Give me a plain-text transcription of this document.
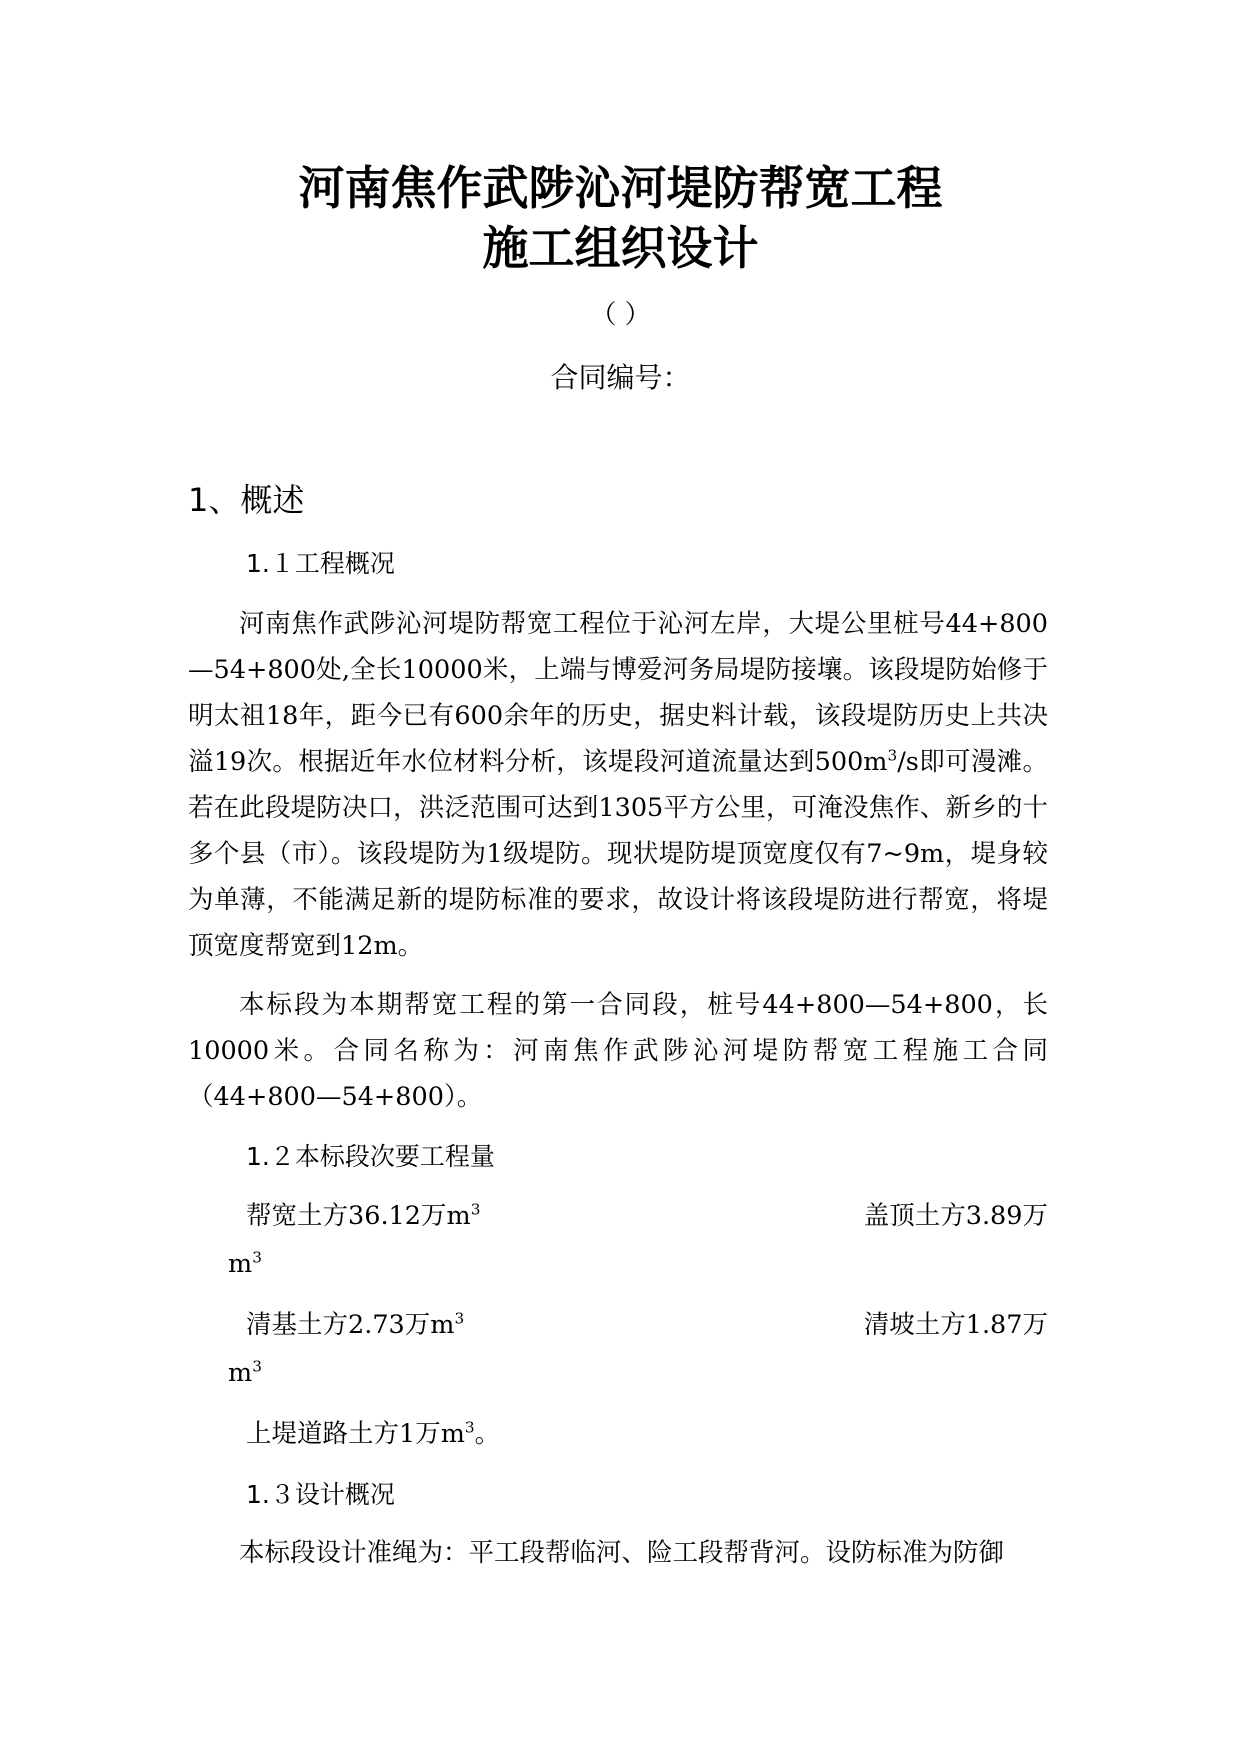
河南焦作武陟沁河堤防帮宽工程
施工组织设计
（ ）
合同编号：
1、概述
1.１工程概况

河南焦作武陟沁河堤防帮宽工程位于沁河左岸，大堤公里桩号44+800—54+800处,全长10000米，上端与博爱河务局堤防接壤。该段堤防始修于明太祖18年，距今已有600余年的历史，据史料计载，该段堤防历史上共决溢19次。根据近年水位材料分析，该堤段河道流量达到$500m^3/s$即可漫滩。若在此段堤防决口，洪泛范围可达到1305平方公里，可淹没焦作、新乡的十多个县（市）。该段堤防为1级堤防。现状堤防堤顶宽度仅有7~9m，堤身较为单薄，不能满足新的堤防标准的要求，故设计将该段堤防进行帮宽，将堤顶宽度帮宽到12m。

本标段为本期帮宽工程的第一合同段，桩号44+800—54+800，长10000米。合同名称为：河南焦作武陟沁河堤防帮宽工程施工合同（44+800—54+800）。

1.２本标段次要工程量
帮宽土方36.12万$m^3$	盖顶土方3.89万
$m^3$
清基土方2.73万$m^3$	清坡土方1.87万
$m^3$
上堤道路土方1万$m^3$。
1.３设计概况

本标段设计准绳为：平工段帮临河、险工段帮背河。设防标准为防御
